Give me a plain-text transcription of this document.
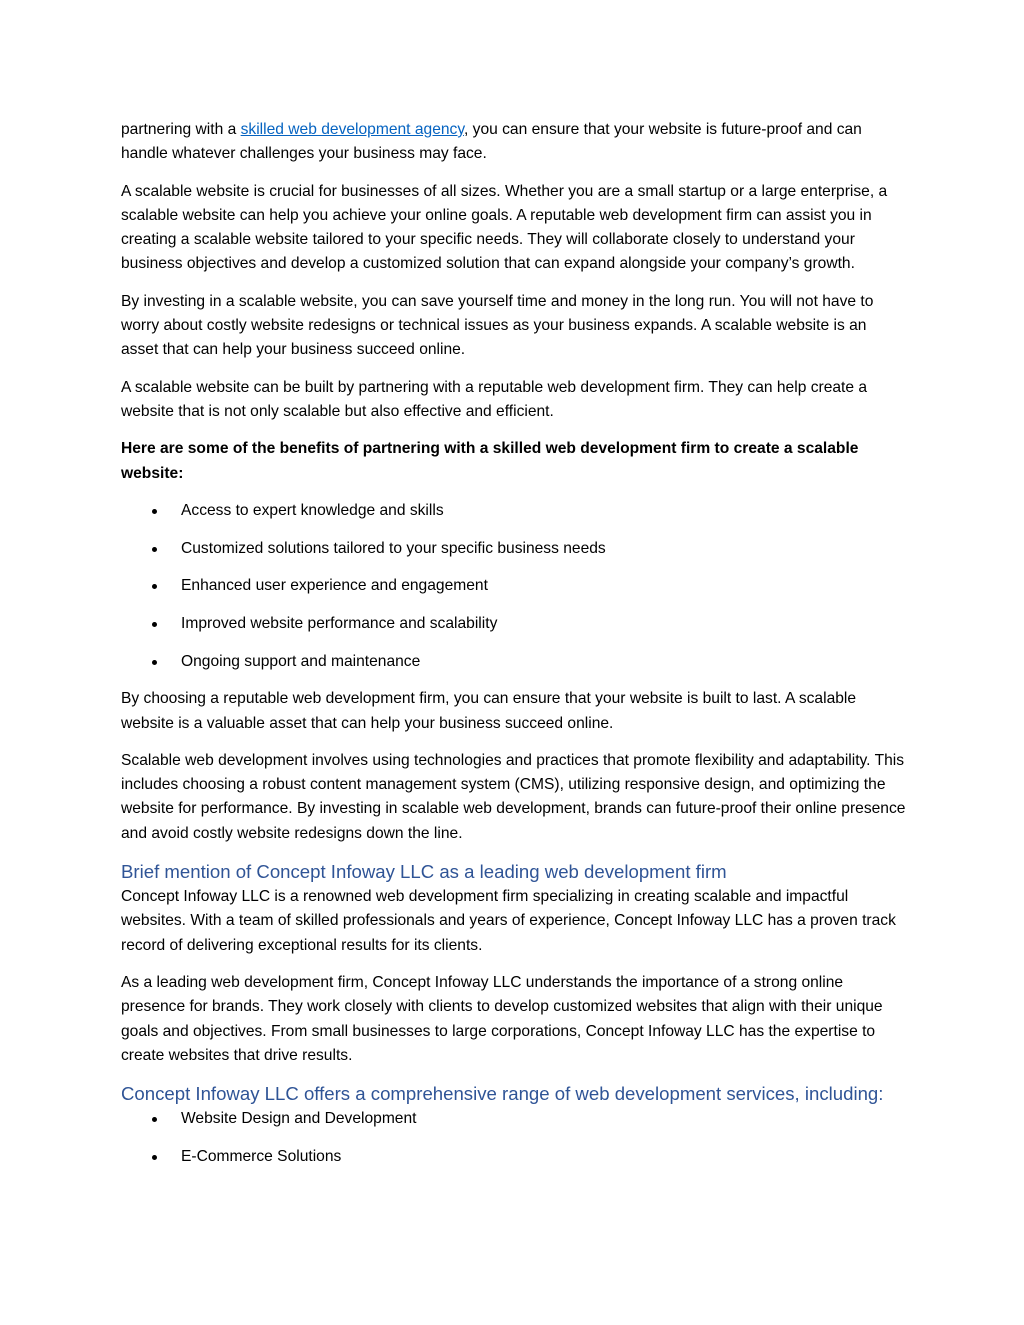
partnering with a skilled web development agency, you can ensure that your website is future-proof and can handle whatever challenges your business may face.

A scalable website is crucial for businesses of all sizes. Whether you are a small startup or a large enterprise, a scalable website can help you achieve your online goals. A reputable web development firm can assist you in creating a scalable website tailored to your specific needs. They will collaborate closely to understand your business objectives and develop a customized solution that can expand alongside your company’s growth.

By investing in a scalable website, you can save yourself time and money in the long run. You will not have to worry about costly website redesigns or technical issues as your business expands. A scalable website is an asset that can help your business succeed online.

A scalable website can be built by partnering with a reputable web development firm. They can help create a website that is not only scalable but also effective and efficient.

Here are some of the benefits of partnering with a skilled web development firm to create a scalable website:

Access to expert knowledge and skills
Customized solutions tailored to your specific business needs
Enhanced user experience and engagement
Improved website performance and scalability
Ongoing support and maintenance

By choosing a reputable web development firm, you can ensure that your website is built to last. A scalable website is a valuable asset that can help your business succeed online.

Scalable web development involves using technologies and practices that promote flexibility and adaptability. This includes choosing a robust content management system (CMS), utilizing responsive design, and optimizing the website for performance. By investing in scalable web development, brands can future-proof their online presence and avoid costly website redesigns down the line.

Brief mention of Concept Infoway LLC as a leading web development firm

Concept Infoway LLC is a renowned web development firm specializing in creating scalable and impactful websites. With a team of skilled professionals and years of experience, Concept Infoway LLC has a proven track record of delivering exceptional results for its clients.

As a leading web development firm, Concept Infoway LLC understands the importance of a strong online presence for brands. They work closely with clients to develop customized websites that align with their unique goals and objectives. From small businesses to large corporations, Concept Infoway LLC has the expertise to create websites that drive results.

Concept Infoway LLC offers a comprehensive range of web development services, including:
Website Design and Development
E-Commerce Solutions
